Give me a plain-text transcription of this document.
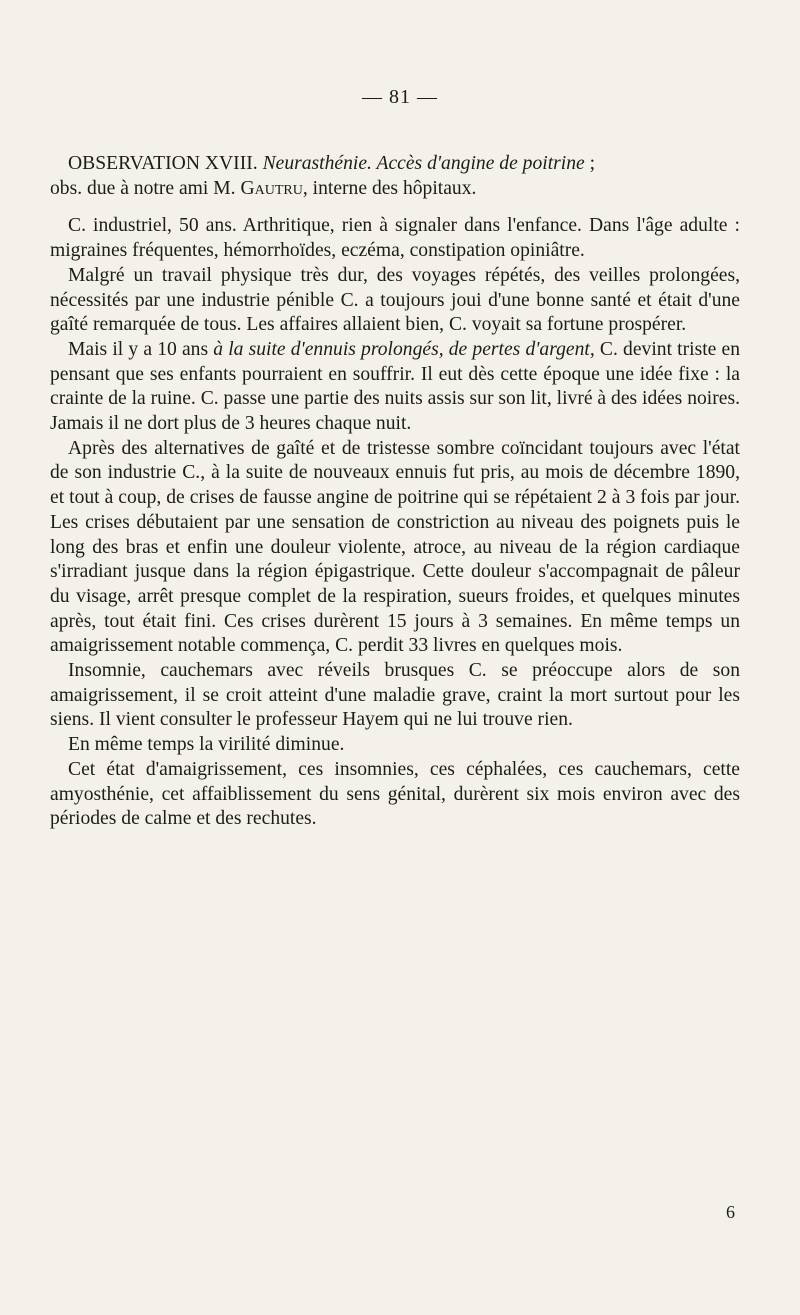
— 81 —

OBSERVATION XVIII. Neurasthénie. Accès d'angine de poitrine ;
obs. due à notre ami M. Gautru, interne des hôpitaux.

C. industriel, 50 ans. Arthritique, rien à signaler dans l'enfance. Dans l'âge adulte : migraines fréquentes, hémorrhoïdes, eczéma, constipation opiniâtre.

Malgré un travail physique très dur, des voyages répétés, des veilles prolongées, nécessités par une industrie pénible C. a toujours joui d'une bonne santé et était d'une gaîté remarquée de tous. Les affaires allaient bien, C. voyait sa fortune prospérer.

Mais il y a 10 ans à la suite d'ennuis prolongés, de pertes d'argent, C. devint triste en pensant que ses enfants pourraient en souffrir. Il eut dès cette époque une idée fixe : la crainte de la ruine. C. passe une partie des nuits assis sur son lit, livré à des idées noires. Jamais il ne dort plus de 3 heures chaque nuit.

Après des alternatives de gaîté et de tristesse sombre coïncidant toujours avec l'état de son industrie C., à la suite de nouveaux ennuis fut pris, au mois de décembre 1890, et tout à coup, de crises de fausse angine de poitrine qui se répétaient 2 à 3 fois par jour. Les crises débutaient par une sensation de constriction au niveau des poignets puis le long des bras et enfin une douleur violente, atroce, au niveau de la région cardiaque s'irradiant jusque dans la région épigastrique. Cette douleur s'accompagnait de pâleur du visage, arrêt presque complet de la respiration, sueurs froides, et quelques minutes après, tout était fini. Ces crises durèrent 15 jours à 3 semaines. En même temps un amaigrissement notable commença, C. perdit 33 livres en quelques mois.

Insomnie, cauchemars avec réveils brusques C. se préoccupe alors de son amaigrissement, il se croit atteint d'une maladie grave, craint la mort surtout pour les siens. Il vient consulter le professeur Hayem qui ne lui trouve rien.

En même temps la virilité diminue.

Cet état d'amaigrissement, ces insomnies, ces céphalées, ces cauchemars, cette amyosthénie, cet affaiblissement du sens génital, durèrent six mois environ avec des périodes de calme et des rechutes.

6
